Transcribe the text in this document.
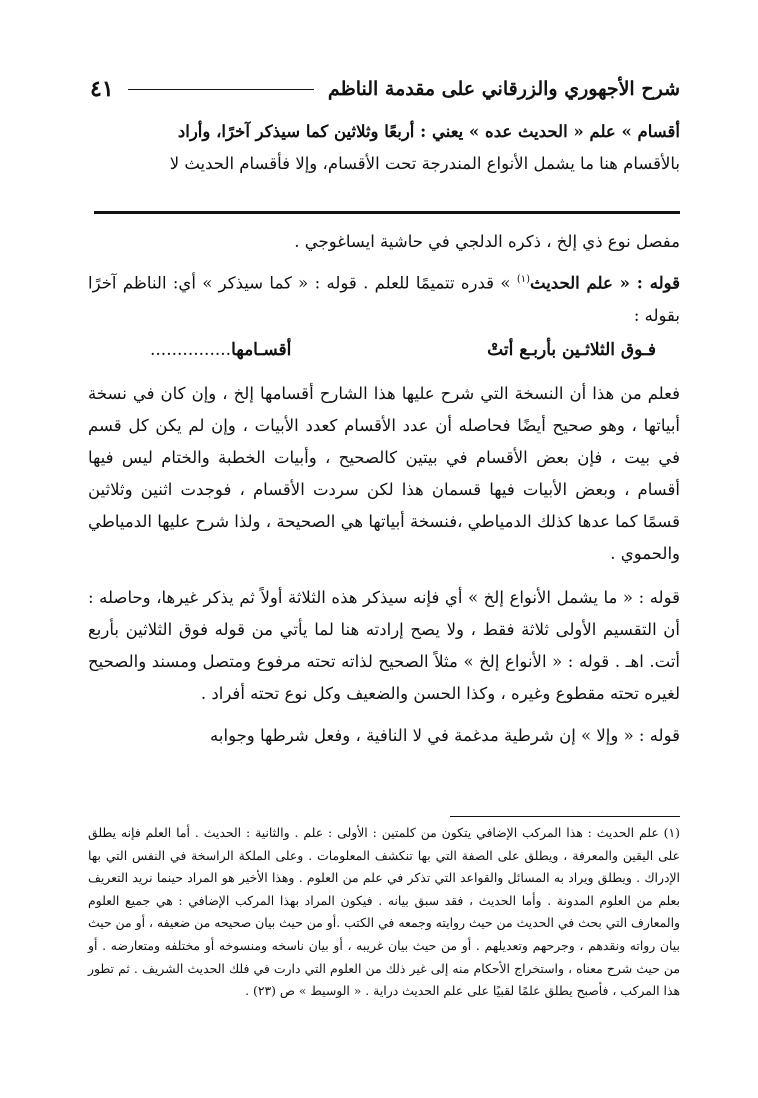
شرح الأجهوري والزرقاني على مقدمة الناظم
٤١

أقسام » علم « الحديث عده » يعني : أربعًا وثلاثين كما سيذكر آخرًا، وأراد

بالأقسام هنا ما يشمل الأنواع المندرجة تحت الأقسام، وإلا فأقسام الحديث لا

مفصل نوع ذي إلخ ، ذكره الدلجي في حاشية ايساغوجي .

قوله : « علم الحديث$^{(١)}$ » قدره تتميمًا للعلم . قوله : « كما سيذكر » أي: الناظم آخرًا بقوله :

فـوق الثلاثـين بأربـع أتتْ
أقسـامها...............

فعلم من هذا أن النسخة التي شرح عليها هذا الشارح أقسامها إلخ ، وإن كان في نسخة أبياتها ، وهو صحيح أيضًا فحاصله أن عدد الأقسام كعدد الأبيات ، وإن لم يكن كل قسم في بيت ، فإن بعض الأقسام في بيتين كالصحيح ، وأبيات الخطبة والختام ليس فيها أقسام ، وبعض الأبيات فيها قسمان هذا لكن سردت الأقسام ، فوجدت اثنين وثلاثين قسمًا كما عدها كذلك الدمياطي ،فنسخة أبياتها هي الصحيحة ، ولذا شرح عليها الدمياطي والحموي .

قوله : « ما يشمل الأنواع إلخ » أي فإنه سيذكر هذه الثلاثة أولاً ثم يذكر غيرها، وحاصله : أن التقسيم الأولى ثلاثة فقط ، ولا يصح إرادته هنا لما يأتي من قوله فوق الثلاثين بأربع أتت. اهـ . قوله : « الأنواع إلخ » مثلاً الصحيح لذاته تحته مرفوع ومتصل ومسند والصحيح لغيره تحته مقطوع وغيره ، وكذا الحسن والضعيف وكل نوع تحته أفراد .

قوله : « وإلا » إن شرطية مدغمة في لا النافية ، وفعل شرطها وجوابه

(١) علم الحديث : هذا المركب الإضافي يتكون من كلمتين : الأولى : علم . والثانية : الحديث . أما العلم فإنه يطلق على اليقين والمعرفة ، ويطلق على الصفة التي بها تنكشف المعلومات . وعلى الملكة الراسخة في النفس التي بها الإدراك . ويطلق ويراد به المسائل والقواعد التي تذكر في علم من العلوم . وهذا الأخير هو المراد حينما نريد التعريف بعلم من العلوم المدونة . وأما الحديث ، فقد سبق بيانه . فيكون المراد بهذا المركب الإضافي : هي جميع العلوم والمعارف التي بحث في الحديث من حيث روايته وجمعه في الكتب .أو من حيث بيان صحيحه من ضعيفه ، أو من حيث بيان رواته ونقدهم ، وجرحهم وتعديلهم . أو من حيث بيان غريبه ، أو بيان ناسخه ومنسوخه أو مختلفه ومتعارضه . أو من حيث شرح معناه ، واستخراج الأحكام منه إلى غير ذلك من العلوم التي دارت في فلك الحديث الشريف . ثم تطور هذا المركب ، فأصبح يطلق علمًا لقبيًا على علم الحديث دراية . « الوسيط » ص (٢٣) .
